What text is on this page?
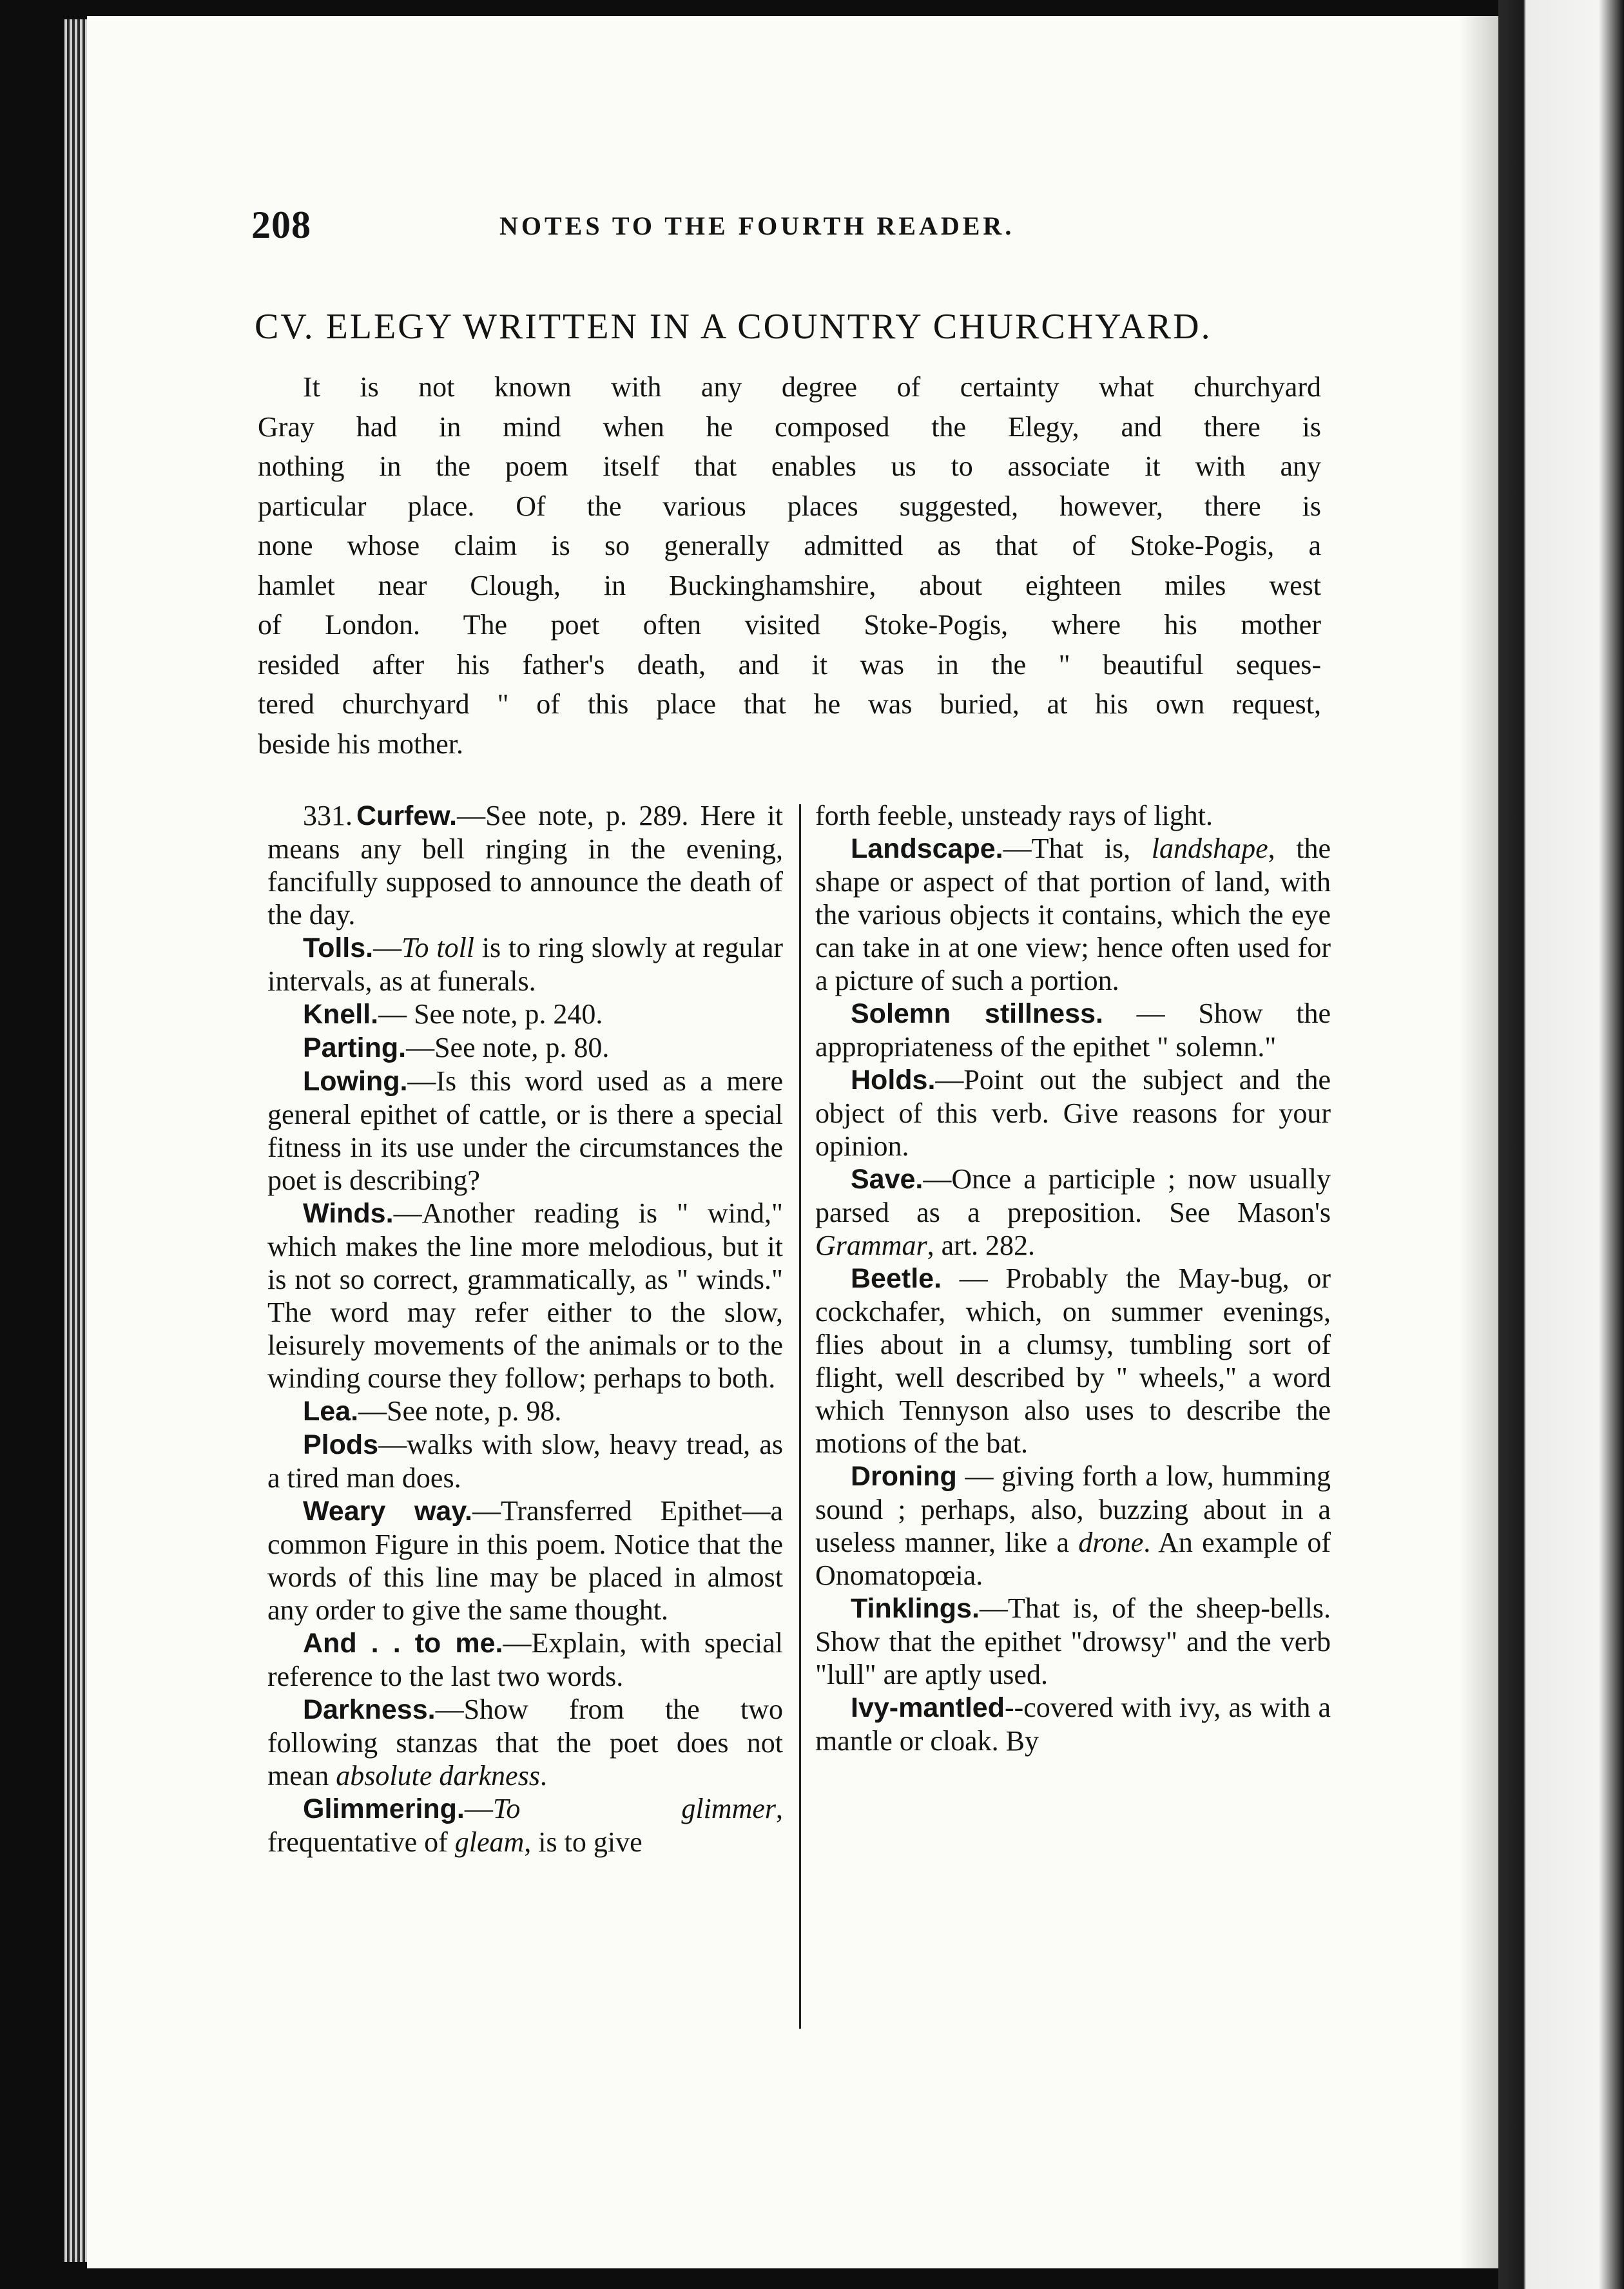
208	NOTES TO THE FOURTH READER.
CV. ELEGY WRITTEN IN A COUNTRY CHURCHYARD.
It is not known with any degree of certainty what churchyard
Gray had in mind when he composed the Elegy, and there is
nothing in the poem itself that enables us to associate it with any
particular place. Of the various places suggested, however, there is
none whose claim is so generally admitted as that of Stoke-Pogis, a
hamlet near Clough, in Buckinghamshire, about eighteen miles west
of London. The poet often visited Stoke-Pogis, where his mother
resided after his father's death, and it was in the " beautiful seques-
tered churchyard " of this place that he was buried, at his own request,
beside his mother.

331. Curfew.—See note, p. 289. Here it means any bell ringing in the evening, fancifully supposed to announce the death of the day.

Tolls.—To toll is to ring slowly at regular intervals, as at funerals.

Knell.— See note, p. 240.

Parting.—See note, p. 80.

Lowing.—Is this word used as a mere general epithet of cattle, or is there a special fitness in its use under the circumstances the poet is describing?

Winds.—Another reading is " wind," which makes the line more melodious, but it is not so correct, grammatically, as " winds." The word may refer either to the slow, leisurely movements of the animals or to the winding course they follow; perhaps to both.

Lea.—See note, p. 98.

Plods—walks with slow, heavy tread, as a tired man does.

Weary way.—Transferred Epithet—a common Figure in this poem. Notice that the words of this line may be placed in almost any order to give the same thought.

And . . to me.—Explain, with special reference to the last two words.

Darkness.—Show from the two following stanzas that the poet does not mean absolute darkness.

Glimmering.—To glimmer, frequentative of gleam, is to give

forth feeble, unsteady rays of light.

Landscape.—That is, landshape, the shape or aspect of that portion of land, with the various objects it contains, which the eye can take in at one view; hence often used for a picture of such a portion.

Solemn stillness. — Show the appropriateness of the epithet " solemn."

Holds.—Point out the subject and the object of this verb. Give reasons for your opinion.

Save.—Once a participle ; now usually parsed as a preposition. See Mason's Grammar, art. 282.

Beetle. — Probably the May-bug, or cockchafer, which, on summer evenings, flies about in a clumsy, tumbling sort of flight, well described by " wheels," a word which Tennyson also uses to describe the motions of the bat.

Droning — giving forth a low, humming sound ; perhaps, also, buzzing about in a useless manner, like a drone. An example of Onomatopœia.

Tinklings.—That is, of the sheep-bells. Show that the epithet "drowsy" and the verb "lull" are aptly used.

Ivy-mantled--covered with ivy, as with a mantle or cloak. By
